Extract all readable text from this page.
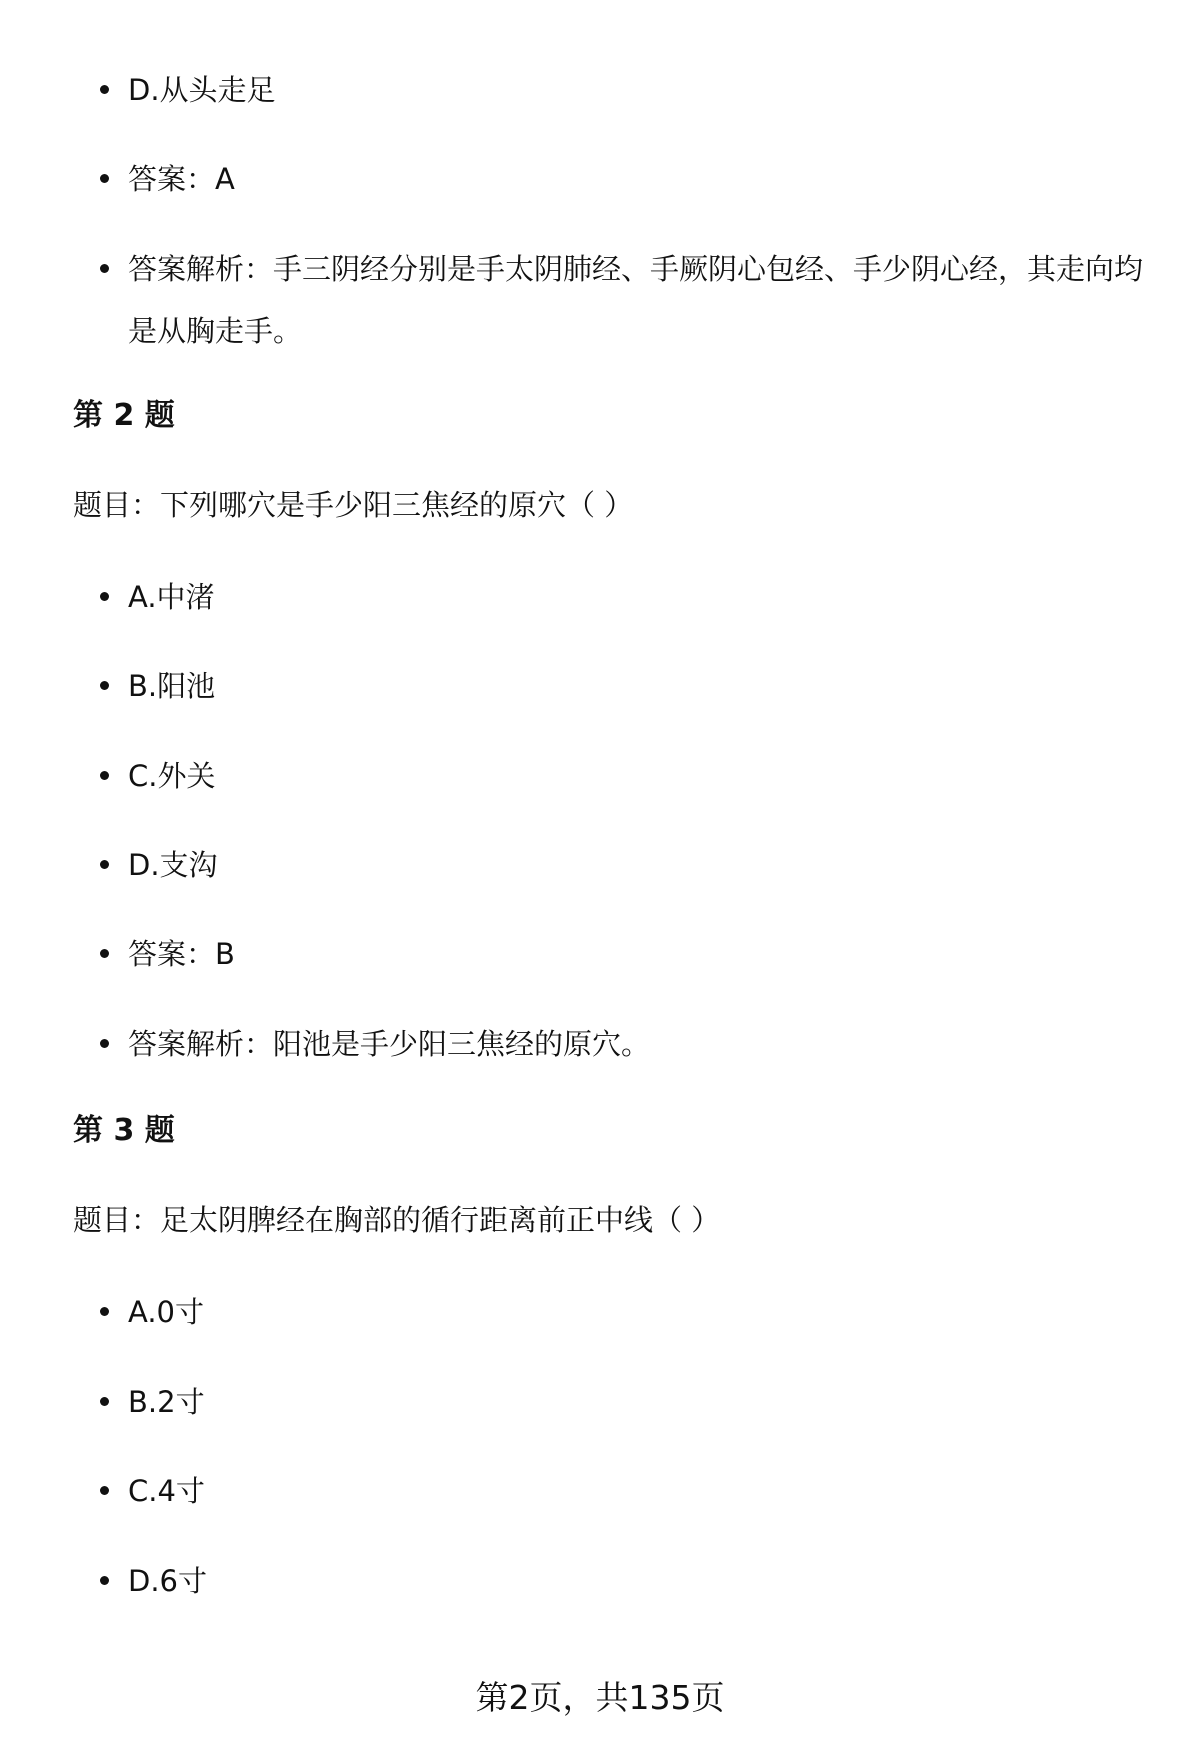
D.从头走足
答案：A
答案解析：手三阴经分别是手太阴肺经、手厥阴心包经、手少阴心经，其走向均是从胸走手。
第 2 题
题目：下列哪穴是手少阳三焦经的原穴（ ）
A.中渚
B.阳池
C.外关
D.支沟
答案：B
答案解析：阳池是手少阳三焦经的原穴。
第 3 题
题目：足太阴脾经在胸部的循行距离前正中线（ ）
A.0寸
B.2寸
C.4寸
D.6寸
第2页，共135页
